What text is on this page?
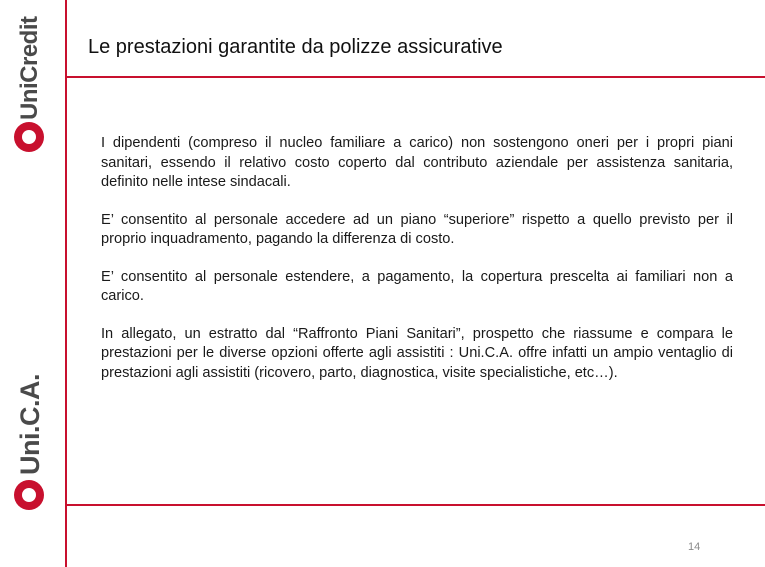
UniCredit
Uni.C.A.
Le prestazioni garantite da polizze assicurative

I dipendenti (compreso il nucleo familiare a carico) non sostengono oneri per i propri piani sanitari, essendo il relativo costo coperto dal contributo aziendale per assistenza sanitaria, definito nelle intese sindacali.

E’ consentito al personale accedere ad un piano “superiore” rispetto a quello previsto per il proprio inquadramento, pagando la differenza di costo.

E’ consentito al personale estendere, a pagamento, la copertura prescelta ai familiari non a carico.

In allegato, un estratto dal “Raffronto Piani Sanitari”, prospetto che riassume e compara le prestazioni per le diverse opzioni offerte agli assistiti : Uni.C.A. offre infatti un ampio ventaglio di prestazioni agli assistiti (ricovero, parto, diagnostica, visite specialistiche, etc…).

14
